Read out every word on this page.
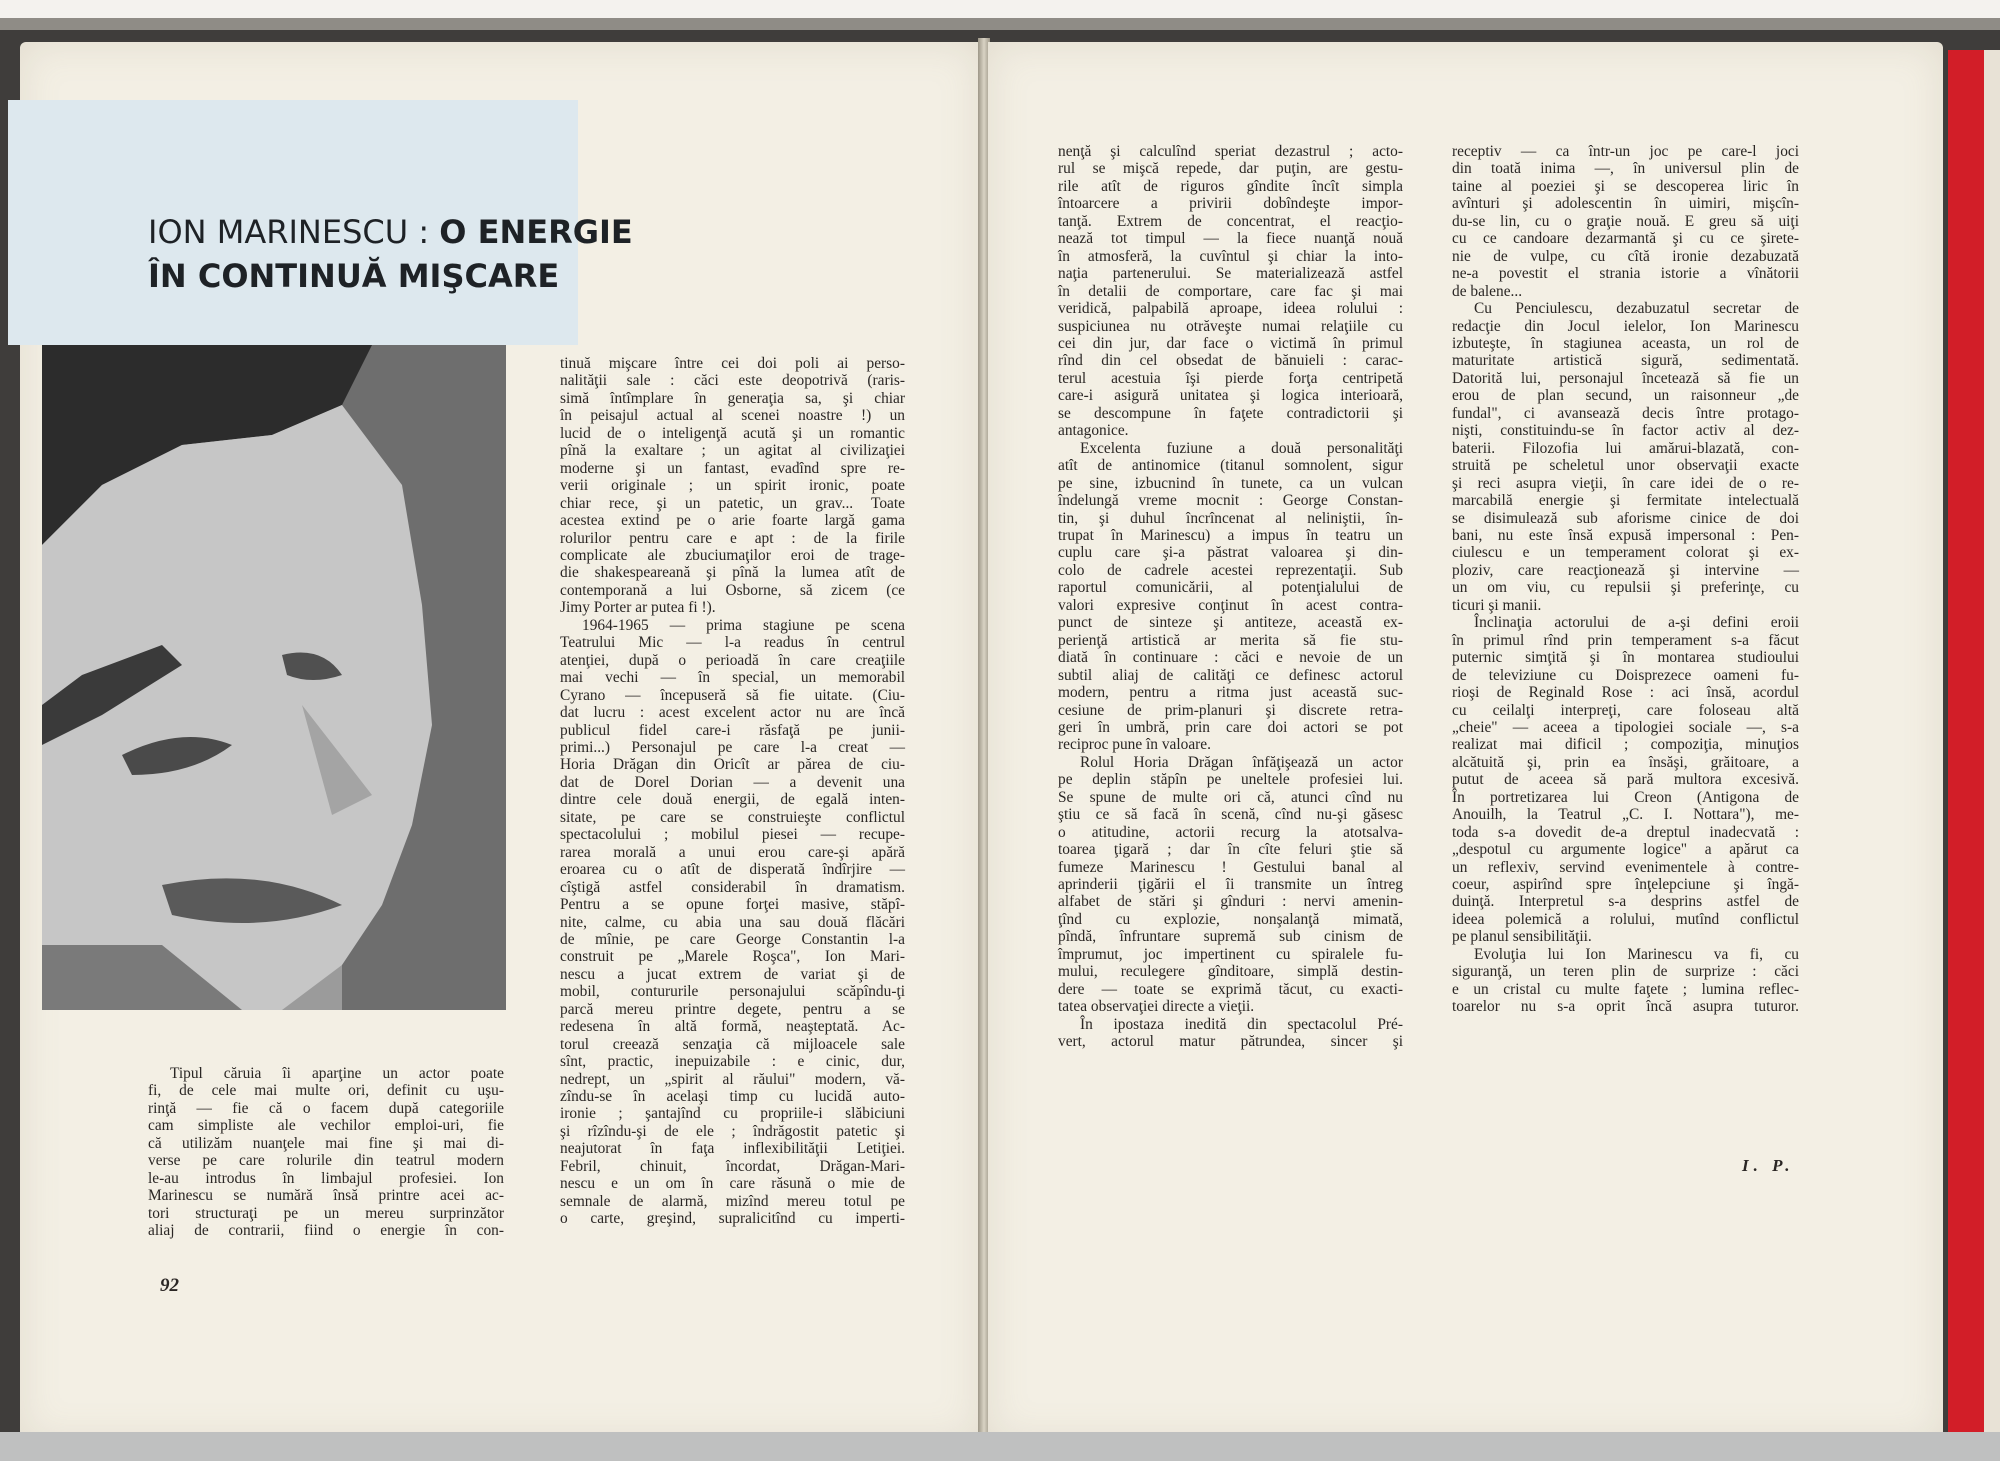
ION MARINESCU : O ENERGIE
ÎN CONTINUĂ MIŞCARE

Tipul căruia îi aparţine un actor poate

fi, de cele mai multe ori, definit cu uşu-

rinţă — fie că o facem după categoriile

cam simpliste ale vechilor emploi-uri, fie

că utilizăm nuanţele mai fine şi mai di-

verse pe care rolurile din teatrul modern

le-au introdus în limbajul profesiei. Ion

Marinescu se numără însă printre acei ac-

tori structuraţi pe un mereu surprinzător

aliaj de contrarii, fiind o energie în con-

tinuă mişcare între cei doi poli ai perso-

nalităţii sale : căci este deopotrivă (raris-

simă întîmplare în generaţia sa, şi chiar

în peisajul actual al scenei noastre !) un

lucid de o inteligenţă acută şi un romantic

pînă la exaltare ; un agitat al civilizaţiei

moderne şi un fantast, evadînd spre re-

verii originale ; un spirit ironic, poate

chiar rece, şi un patetic, un grav... Toate

acestea extind pe o arie foarte largă gama

rolurilor pentru care e apt : de la firile

complicate ale zbuciumaţilor eroi de trage-

die shakespeareană şi pînă la lumea atît de

contemporană a lui Osborne, să zicem (ce

Jimy Porter ar putea fi !).

1964-1965 — prima stagiune pe scena

Teatrului Mic — l-a readus în centrul

atenţiei, după o perioadă în care creaţiile

mai vechi — în special, un memorabil

Cyrano — începuseră să fie uitate. (Ciu-

dat lucru : acest excelent actor nu are încă

publicul fidel care-i răsfaţă pe junii-

primi...) Personajul pe care l-a creat —

Horia Drăgan din Oricît ar părea de ciu-

dat de Dorel Dorian — a devenit una

dintre cele două energii, de egală inten-

sitate, pe care se construieşte conflictul

spectacolului ; mobilul piesei — recupe-

rarea morală a unui erou care-şi apără

eroarea cu o atît de disperată îndîrjire —

cîştigă astfel considerabil în dramatism.

Pentru a se opune forţei masive, stăpî-

nite, calme, cu abia una sau două flăcări

de mînie, pe care George Constantin l-a

construit pe „Marele Roşca", Ion Mari-

nescu a jucat extrem de variat şi de

mobil, contururile personajului scăpîndu-ţi

parcă mereu printre degete, pentru a se

redesena în altă formă, neaşteptată. Ac-

torul creează senzaţia că mijloacele sale

sînt, practic, inepuizabile : e cinic, dur,

nedrept, un „spirit al răului" modern, vă-

zîndu-se în acelaşi timp cu lucidă auto-

ironie ; şantajînd cu propriile-i slăbiciuni

şi rîzîndu-şi de ele ; îndrăgostit patetic şi

neajutorat în faţa inflexibilităţii Letiţiei.

Febril, chinuit, încordat, Drăgan-Mari-

nescu e un om în care răsună o mie de

semnale de alarmă, mizînd mereu totul pe

o carte, greşind, supralicitînd cu imperti-

nenţă şi calculînd speriat dezastrul ; acto-

rul se mişcă repede, dar puţin, are gestu-

rile atît de riguros gîndite încît simpla

întoarcere a privirii dobîndeşte impor-

tanţă. Extrem de concentrat, el reacţio-

nează tot timpul — la fiece nuanţă nouă

în atmosferă, la cuvîntul şi chiar la into-

naţia partenerului. Se materializează astfel

în detalii de comportare, care fac şi mai

veridică, palpabilă aproape, ideea rolului :

suspiciunea nu otrăveşte numai relaţiile cu

cei din jur, dar face o victimă în primul

rînd din cel obsedat de bănuieli : carac-

terul acestuia îşi pierde forţa centripetă

care-i asigură unitatea şi logica interioară,

se descompune în faţete contradictorii şi

antagonice.

Excelenta fuziune a două personalităţi

atît de antinomice (titanul somnolent, sigur

pe sine, izbucnind în tunete, ca un vulcan

îndelungă vreme mocnit : George Constan-

tin, şi duhul încrîncenat al neliniştii, în-

trupat în Marinescu) a impus în teatru un

cuplu care şi-a păstrat valoarea şi din-

colo de cadrele acestei reprezentaţii. Sub

raportul comunicării, al potenţialului de

valori expresive conţinut în acest contra-

punct de sinteze şi antiteze, această ex-

perienţă artistică ar merita să fie stu-

diată în continuare : căci e nevoie de un

subtil aliaj de calităţi ce definesc actorul

modern, pentru a ritma just această suc-

cesiune de prim-planuri şi discrete retra-

geri în umbră, prin care doi actori se pot

reciproc pune în valoare.

Rolul Horia Drăgan înfăţişează un actor

pe deplin stăpîn pe uneltele profesiei lui.

Se spune de multe ori că, atunci cînd nu

ştiu ce să facă în scenă, cînd nu-şi găsesc

o atitudine, actorii recurg la atotsalva-

toarea ţigară ; dar în cîte feluri ştie să

fumeze Marinescu ! Gestului banal al

aprinderii ţigării el îi transmite un întreg

alfabet de stări şi gînduri : nervi amenin-

ţînd cu explozie, nonşalanţă mimată,

pîndă, înfruntare supremă sub cinism de

împrumut, joc impertinent cu spiralele fu-

mului, reculegere gînditoare, simplă destin-

dere — toate se exprimă tăcut, cu exacti-

tatea observaţiei directe a vieţii.

În ipostaza inedită din spectacolul Pré-

vert, actorul matur pătrundea, sincer şi

receptiv — ca într-un joc pe care-l joci

din toată inima —, în universul plin de

taine al poeziei şi se descoperea liric în

avînturi şi adolescentin în uimiri, mişcîn-

du-se lin, cu o graţie nouă. E greu să uiţi

cu ce candoare dezarmantă şi cu ce şirete-

nie de vulpe, cu cîtă ironie dezabuzată

ne-a povestit el strania istorie a vînătorii

de balene...

Cu Penciulescu, dezabuzatul secretar de

redacţie din Jocul ielelor, Ion Marinescu

izbuteşte, în stagiunea aceasta, un rol de

maturitate artistică sigură, sedimentată.

Datorită lui, personajul încetează să fie un

erou de plan secund, un raisonneur „de

fundal", ci avansează decis între protago-

nişti, constituindu-se în factor activ al dez-

baterii. Filozofia lui amărui-blazată, con-

struită pe scheletul unor observaţii exacte

şi reci asupra vieţii, în care idei de o re-

marcabilă energie şi fermitate intelectuală

se disimulează sub aforisme cinice de doi

bani, nu este însă expusă impersonal : Pen-

ciulescu e un temperament colorat şi ex-

ploziv, care reacţionează şi intervine —

un om viu, cu repulsii şi preferinţe, cu

ticuri şi manii.

Înclinaţia actorului de a-şi defini eroii

în primul rînd prin temperament s-a făcut

puternic simţită şi în montarea studioului

de televiziune cu Doisprezece oameni fu-

rioşi de Reginald Rose : aci însă, acordul

cu ceilalţi interpreţi, care foloseau altă

„cheie" — aceea a tipologiei sociale —, s-a

realizat mai dificil ; compoziţia, minuţios

alcătuită şi, prin ea însăşi, grăitoare, a

putut de aceea să pară multora excesivă.

În portretizarea lui Creon (Antigona de

Anouilh, la Teatrul „C. I. Nottara"), me-

toda s-a dovedit de-a dreptul inadecvată :

„despotul cu argumente logice" a apărut ca

un reflexiv, servind evenimentele à contre-

coeur, aspirînd spre înţelepciune şi îngă-

duinţă. Interpretul s-a desprins astfel de

ideea polemică a rolului, mutînd conflictul

pe planul sensibilităţii.

Evoluţia lui Ion Marinescu va fi, cu

siguranţă, un teren plin de surprize : căci

e un cristal cu multe faţete ; lumina reflec-

toarelor nu s-a oprit încă asupra tuturor.

I. P.
92
